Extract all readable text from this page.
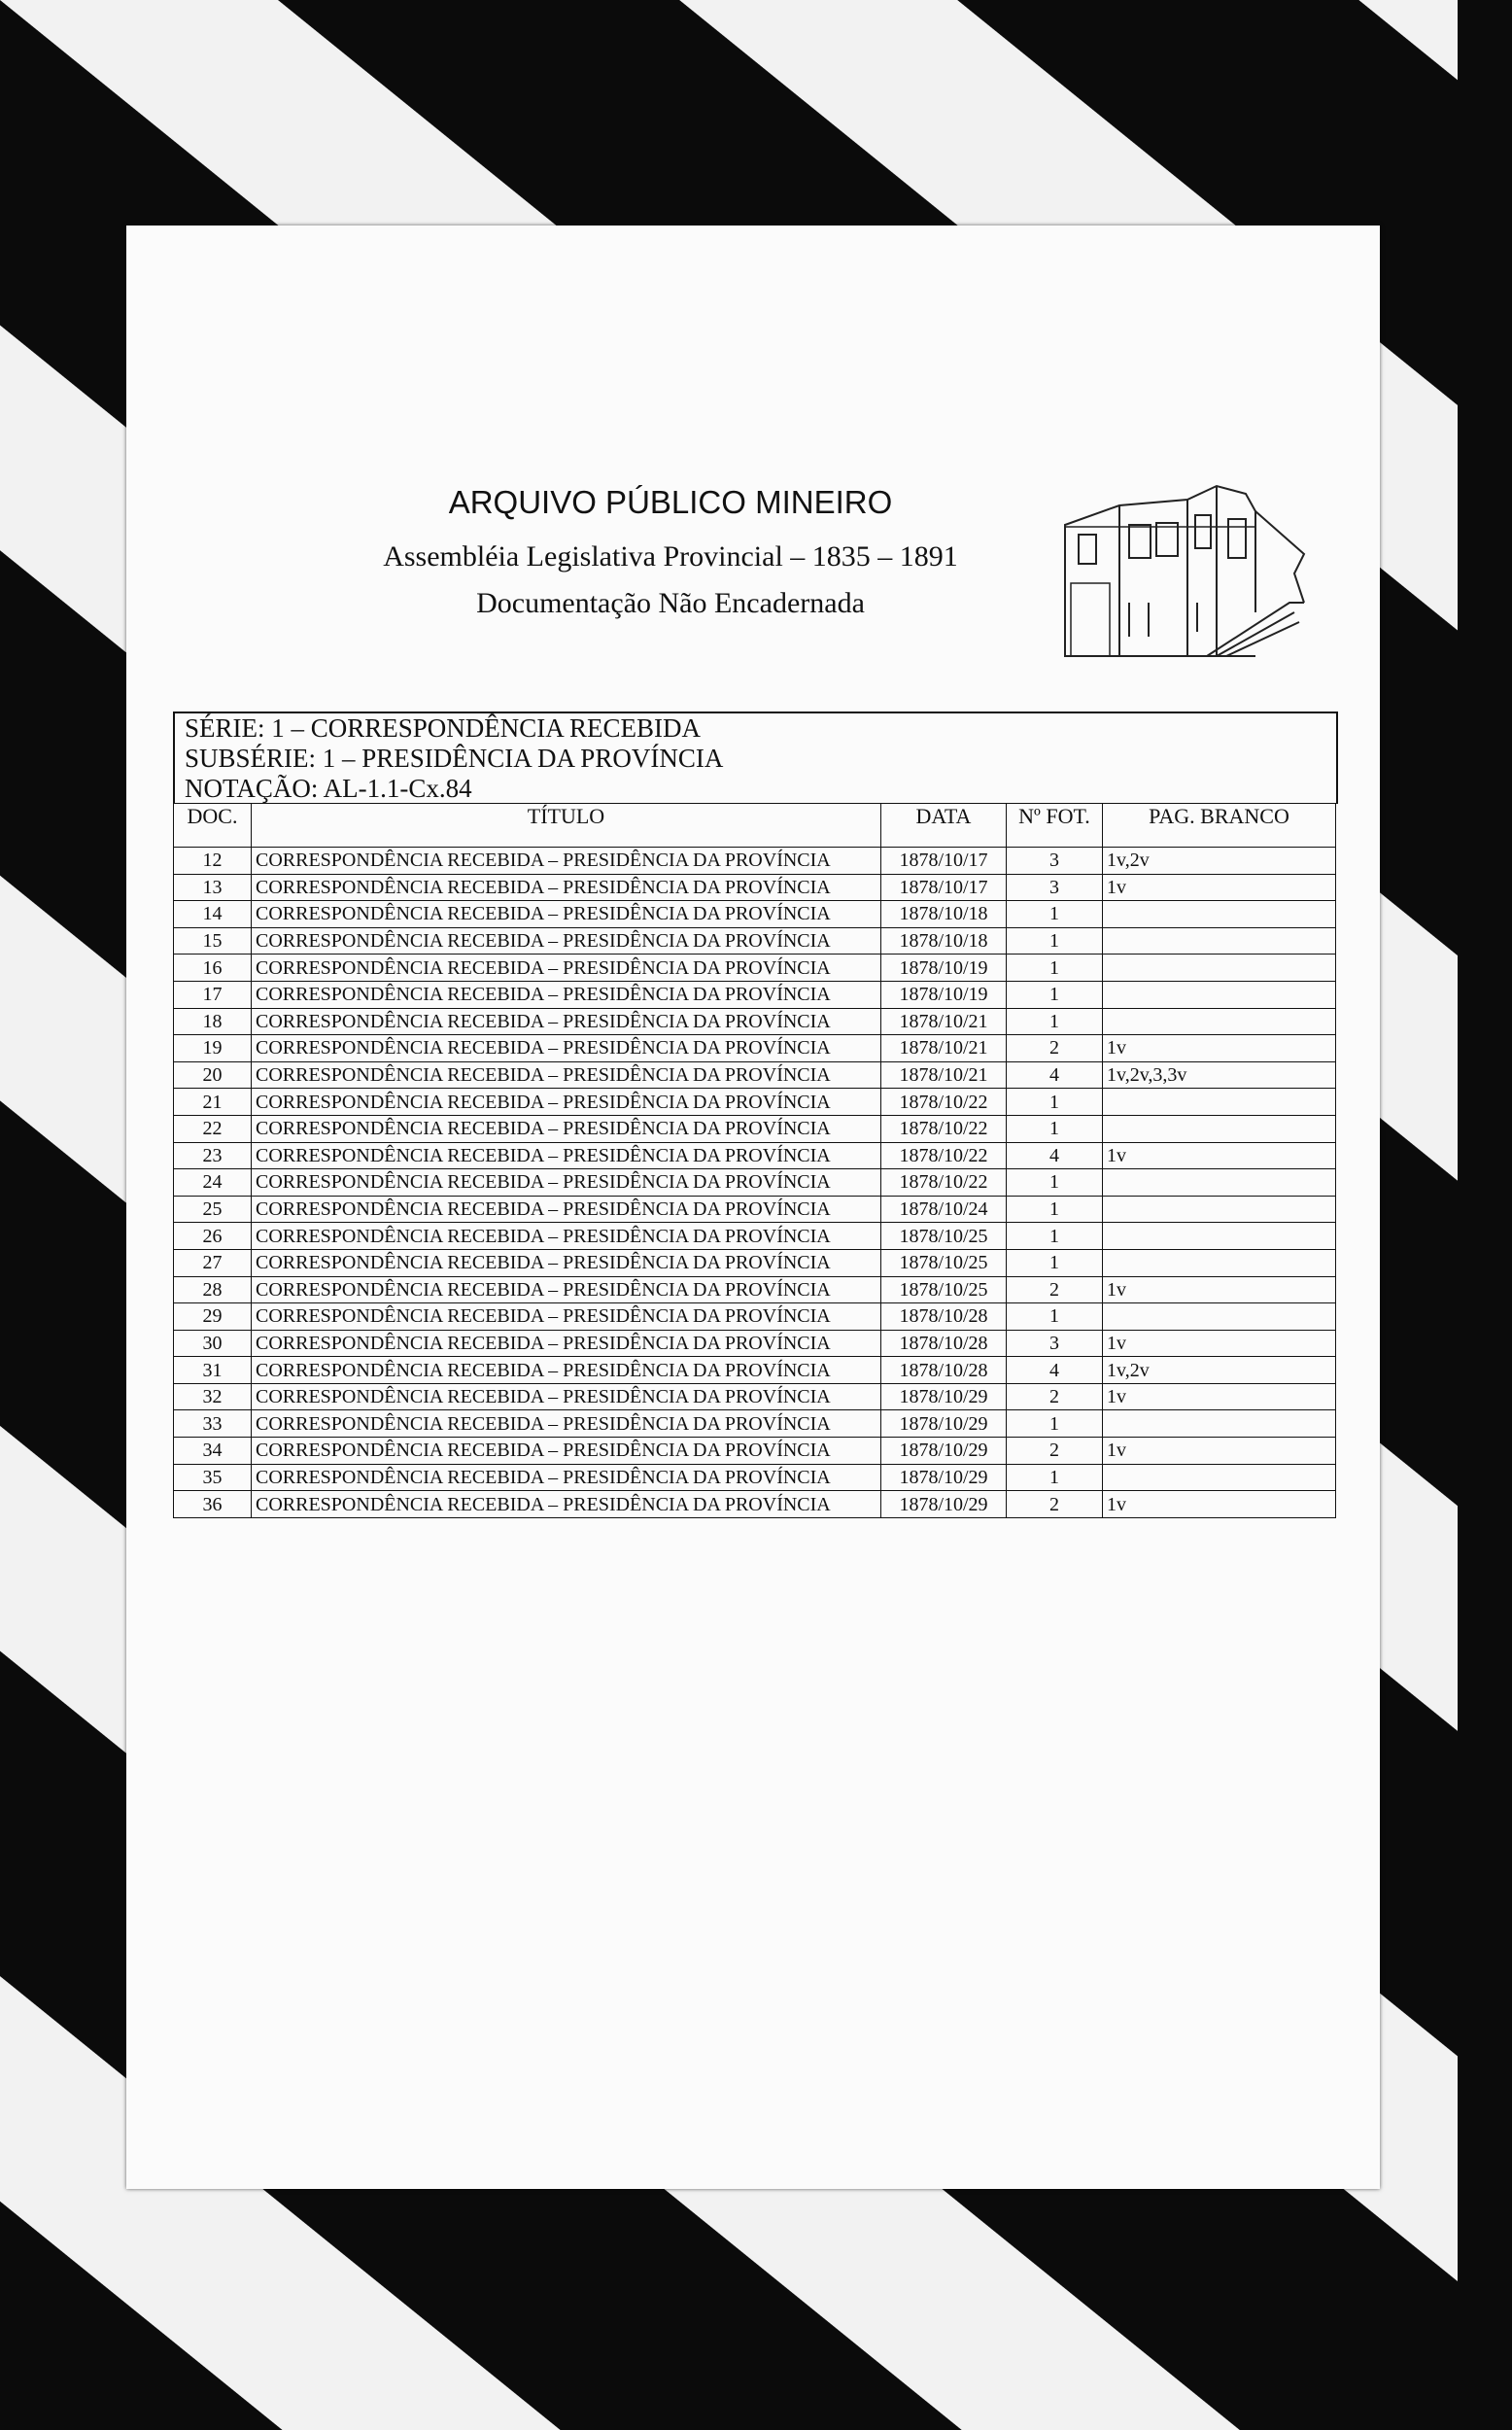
ARQUIVO PÚBLICO MINEIRO
Assembléia Legislativa Provincial – 1835 – 1891
Documentação Não Encadernada
SÉRIE: 1 – CORRESPONDÊNCIA RECEBIDA
SUBSÉRIE: 1 – PRESIDÊNCIA DA PROVÍNCIA
NOTAÇÃO: AL-1.1-Cx.84
DOC.	TÍTULO	DATA	Nº FOT.	PAG. BRANCO
12	CORRESPONDÊNCIA RECEBIDA – PRESIDÊNCIA DA PROVÍNCIA	1878/10/17	3	1v,2v
13	CORRESPONDÊNCIA RECEBIDA – PRESIDÊNCIA DA PROVÍNCIA	1878/10/17	3	1v
14	CORRESPONDÊNCIA RECEBIDA – PRESIDÊNCIA DA PROVÍNCIA	1878/10/18	1	
15	CORRESPONDÊNCIA RECEBIDA – PRESIDÊNCIA DA PROVÍNCIA	1878/10/18	1	
16	CORRESPONDÊNCIA RECEBIDA – PRESIDÊNCIA DA PROVÍNCIA	1878/10/19	1	
17	CORRESPONDÊNCIA RECEBIDA – PRESIDÊNCIA DA PROVÍNCIA	1878/10/19	1	
18	CORRESPONDÊNCIA RECEBIDA – PRESIDÊNCIA DA PROVÍNCIA	1878/10/21	1	
19	CORRESPONDÊNCIA RECEBIDA – PRESIDÊNCIA DA PROVÍNCIA	1878/10/21	2	1v
20	CORRESPONDÊNCIA RECEBIDA – PRESIDÊNCIA DA PROVÍNCIA	1878/10/21	4	1v,2v,3,3v
21	CORRESPONDÊNCIA RECEBIDA – PRESIDÊNCIA DA PROVÍNCIA	1878/10/22	1	
22	CORRESPONDÊNCIA RECEBIDA – PRESIDÊNCIA DA PROVÍNCIA	1878/10/22	1	
23	CORRESPONDÊNCIA RECEBIDA – PRESIDÊNCIA DA PROVÍNCIA	1878/10/22	4	1v
24	CORRESPONDÊNCIA RECEBIDA – PRESIDÊNCIA DA PROVÍNCIA	1878/10/22	1	
25	CORRESPONDÊNCIA RECEBIDA – PRESIDÊNCIA DA PROVÍNCIA	1878/10/24	1	
26	CORRESPONDÊNCIA RECEBIDA – PRESIDÊNCIA DA PROVÍNCIA	1878/10/25	1	
27	CORRESPONDÊNCIA RECEBIDA – PRESIDÊNCIA DA PROVÍNCIA	1878/10/25	1	
28	CORRESPONDÊNCIA RECEBIDA – PRESIDÊNCIA DA PROVÍNCIA	1878/10/25	2	1v
29	CORRESPONDÊNCIA RECEBIDA – PRESIDÊNCIA DA PROVÍNCIA	1878/10/28	1	
30	CORRESPONDÊNCIA RECEBIDA – PRESIDÊNCIA DA PROVÍNCIA	1878/10/28	3	1v
31	CORRESPONDÊNCIA RECEBIDA – PRESIDÊNCIA DA PROVÍNCIA	1878/10/28	4	1v,2v
32	CORRESPONDÊNCIA RECEBIDA – PRESIDÊNCIA DA PROVÍNCIA	1878/10/29	2	1v
33	CORRESPONDÊNCIA RECEBIDA – PRESIDÊNCIA DA PROVÍNCIA	1878/10/29	1	
34	CORRESPONDÊNCIA RECEBIDA – PRESIDÊNCIA DA PROVÍNCIA	1878/10/29	2	1v
35	CORRESPONDÊNCIA RECEBIDA – PRESIDÊNCIA DA PROVÍNCIA	1878/10/29	1	
36	CORRESPONDÊNCIA RECEBIDA – PRESIDÊNCIA DA PROVÍNCIA	1878/10/29	2	1v
